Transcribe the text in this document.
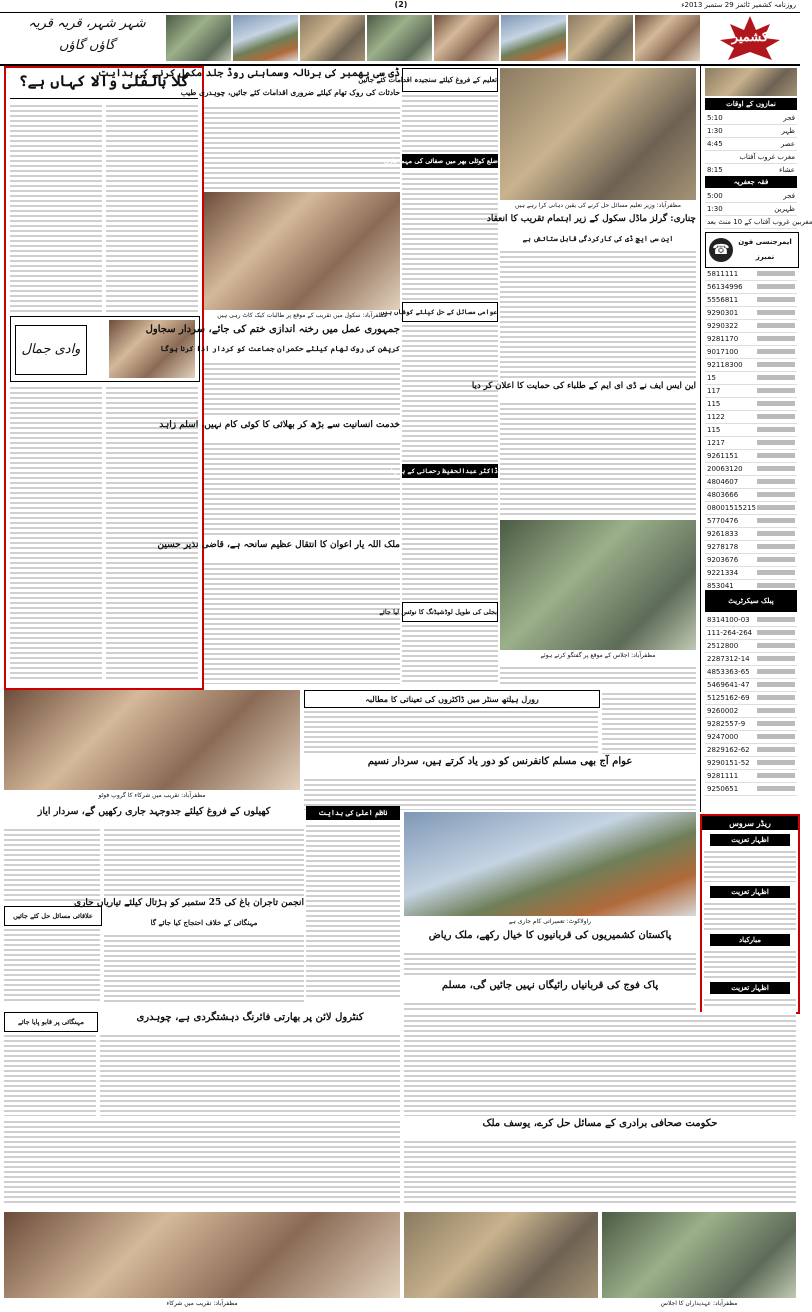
روزنامہ کشمیر ٹائمز 29 ستمبر 2013ء
(2)
شہر شہر، قریہ قریہ
گاؤں گاؤں
کشمیر
گلا بالفلی والا کہاں ہے؟
وادی جمال
ڈی سی بھمبر کی برنالہ وسماہنی روڈ جلد مکمل کرنے کی ہدایت
حادثات کی روک تھام کیلئے ضروری اقدامات کئے جائیں، چوہدری طیب
مظفرآباد: سکول میں تقریب کے موقع پر طالبات کیک کاٹ رہی ہیں
جمہوری عمل میں رخنہ اندازی ختم کی جائے، سردار سجاول
کرپشن کی روک تھام کیلئے حکمران جماعت کو کردار ادا کرنا ہوگا
خدمت انسانیت سے بڑھ کر بھلائی کا کوئی کام نہیں، اسلم زاہد
ملک اللہ یار اعوان کا انتقال عظیم سانحہ ہے، قاضی نذیر حسین
تعلیم کے فروغ کیلئے سنجیدہ اقدامات کئے جائیں
ضلع کوٹلی بھر میں صفائی کی مہم جاری
عوامی مسائل کے حل کیلئے کوشاں ہیں
ڈاکٹر عبدالحفیظ رحمانی کے ہمراہ
بجلی کی طویل لوڈشیڈنگ کا نوٹس لیا جائے
مظفرآباد: وزیر تعلیم مسائل حل کرنے کی یقین دہانی کرا رہے ہیں
چناری: گرلز ماڈل سکول کے زیر اہتمام تقریب کا انعقاد
این سی ایچ ڈی کی کارکردگی قابل ستائش ہے
این ایس ایف نے ڈی ای ایم کے طلباء کی حمایت کا اعلان کر دیا
مظفرآباد: اجلاس کے موقع پر گفتگو کرتے ہوئے
نمازوں کے اوقات
5:10	فجر
1:30	ظہر
4:45	عصر
مغرب غروب آفتاب
8:15	عشاء
فقہ جعفریہ
5:00	فجر
1:30	ظہرین
مغربین غروب آفتاب کے 10 منٹ بعد
☎	ایمرجنسی فون نمبرز
5811111
56134996
5556811
9290301
9290322
9281170
9017100
92118300
15
117
115
1122
115
1217
9261151
20063120
4804607
4803666
08001515215
5770476
9261833
9278178
9203676
9221334
853041
پبلک سیکرٹریٹ
8314100-03
111-264-264
2512800
2287312-14
4853363-65
5469641-47
5125162-69
9260002
9282557-9
9247000
2829162-62
9290151-52
9281111
9250651
رورل ہیلتھ سنٹر میں ڈاکٹروں کی تعیناتی کا مطالبہ
عوام آج بھی مسلم کانفرنس کو دور یاد کرتے ہیں، سردار نسیم
مظفرآباد: تقریب میں شرکاء کا گروپ فوٹو
کھیلوں کے فروغ کیلئے جدوجہد جاری رکھیں گے، سردار ایاز	ناظم اعلیٰ کی ہدایت
علاقائی مسائل حل کئے جائیں
انجمن تاجران باغ کی 25 ستمبر کو ہڑتال کیلئے تیاریاں جاری
مہنگائی کے خلاف احتجاج کیا جائے گا	راولاکوٹ: تعمیراتی کام جاری ہے
پاکستان کشمیریوں کی قربانیوں کا خیال رکھے، ملک ریاض
پاک فوج کی قربانیاں رائیگاں نہیں جائیں گی، مسلم
ریڈر سروس
اظہار تعزیت
اظہار تعزیت
مبارکباد
اظہار تعزیت
کنٹرول لائن پر بھارتی فائرنگ دہشتگردی ہے، چوہدری
مہنگائی پر قابو پایا جائے
حکومت صحافی برادری کے مسائل حل کرے، یوسف ملک
مظفرآباد: تقریب میں شرکاء	مظفرآباد: عہدیداران کا اجلاس
